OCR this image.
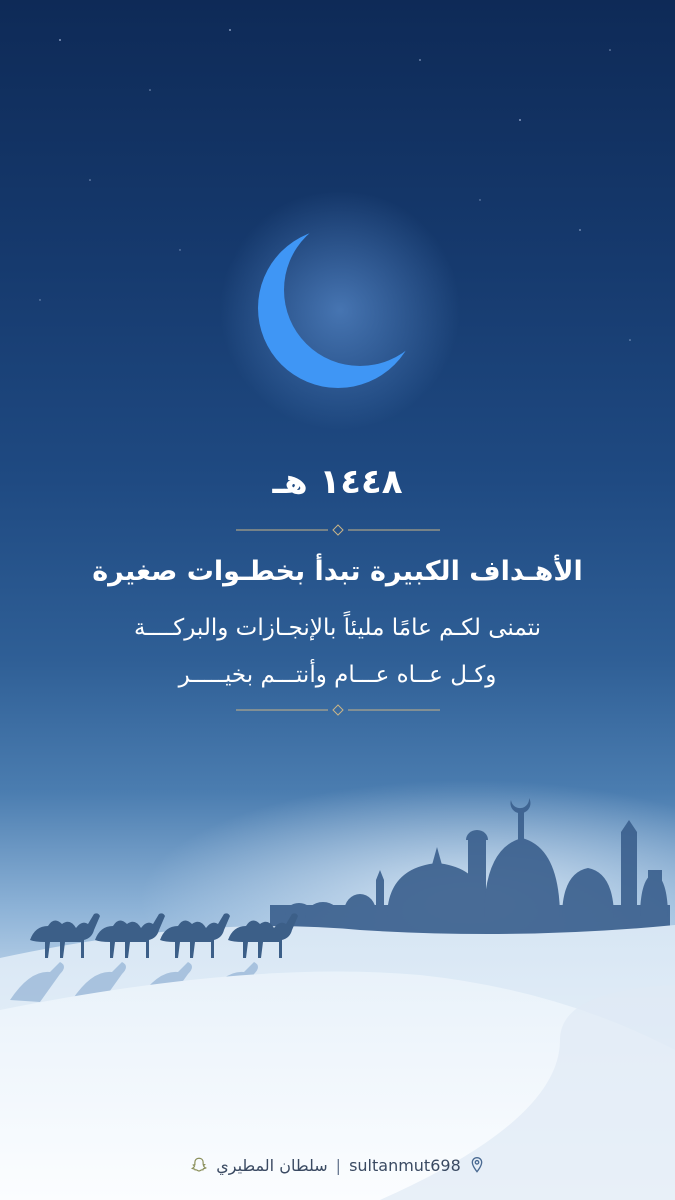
١٤٤٨ هـ
الأهـداف الكبيرة تبدأ بخطـوات صغيرة
نتمنى لكـم عامًا مليئاً بالإنجـازات والبركــــة
وكـل عــاه عـــام وأنتـــم بخيـــــر
سلطان المطيري | sultanmut698
